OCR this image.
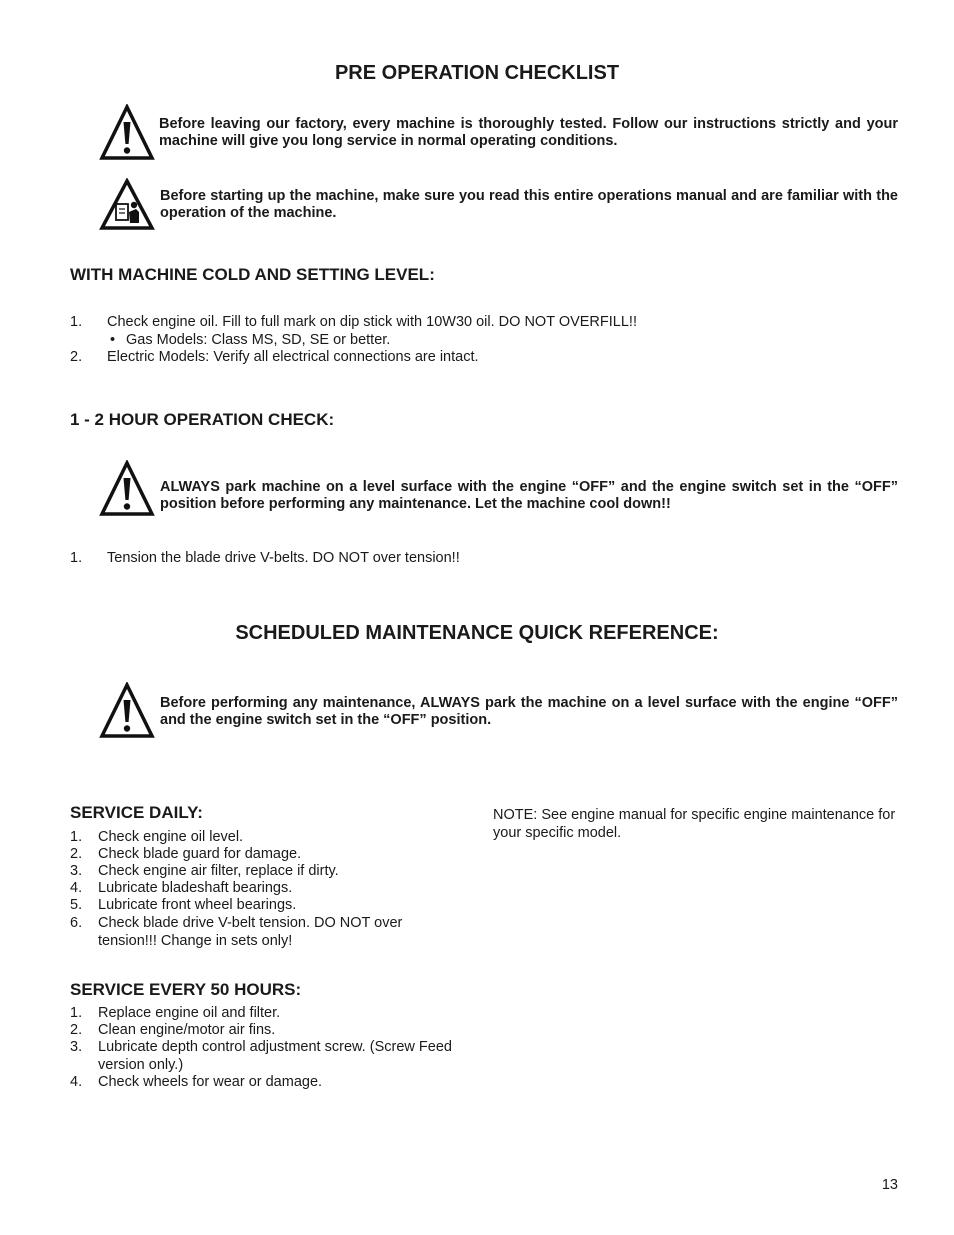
PRE OPERATION CHECKLIST
Before leaving our factory, every machine is thoroughly tested. Follow our instructions strictly and your machine will give you long service in normal operating conditions.
Before starting up the machine, make sure you read this entire operations manual and are familiar with the operation of the machine.
WITH MACHINE COLD AND SETTING LEVEL:
1. Check engine oil. Fill to full mark on dip stick with 10W30 oil. DO NOT OVERFILL!!
• Gas Models: Class MS, SD, SE or better.
2. Electric Models: Verify all electrical connections are intact.
1 - 2 HOUR OPERATION CHECK:
ALWAYS park machine on a level surface with the engine “OFF” and the engine switch set in the “OFF” position before performing any maintenance. Let the machine cool down!!
1. Tension the blade drive V-belts. DO NOT over tension!!
SCHEDULED MAINTENANCE QUICK REFERENCE:
Before performing any maintenance, ALWAYS park the machine on a level surface with the engine “OFF” and the engine switch set in the “OFF” position.
SERVICE DAILY:
1. Check engine oil level.
2. Check blade guard for damage.
3. Check engine air filter, replace if dirty.
4. Lubricate bladeshaft bearings.
5. Lubricate front wheel bearings.
6. Check blade drive V-belt tension. DO NOT over tension!!! Change in sets only!
SERVICE EVERY 50 HOURS:
1. Replace engine oil and filter.
2. Clean engine/motor air fins.
3. Lubricate depth control adjustment screw. (Screw Feed version only.)
4. Check wheels for wear or damage.
NOTE: See engine manual for specific engine maintenance for your specific model.
13
